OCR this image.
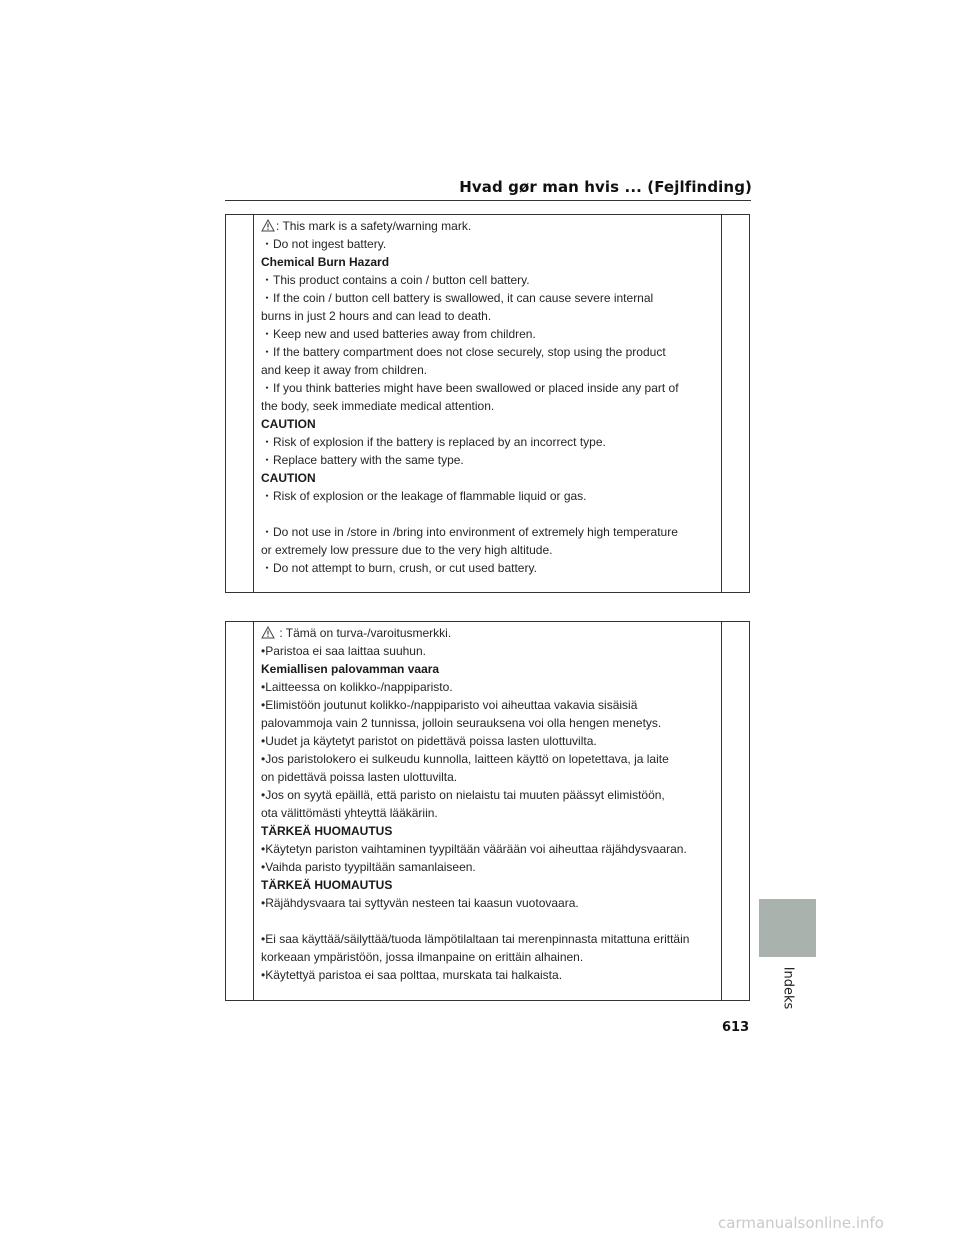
Hvad gør man hvis ... (Fejlfinding)
: This mark is a safety/warning mark.
・Do not ingest battery.
Chemical Burn Hazard
・This product contains a coin / button cell battery.
・If the coin / button cell battery is swallowed, it can cause severe internal
burns in just 2 hours and can lead to death.
・Keep new and used batteries away from children.
・If the battery compartment does not close securely, stop using the product
and keep it away from children.
・If you think batteries might have been swallowed or placed inside any part of
the body, seek immediate medical attention.
CAUTION
・Risk of explosion if the battery is replaced by an incorrect type.
・Replace battery with the same type.
CAUTION
・Risk of explosion or the leakage of flammable liquid or gas.
・Do not use in /store in /bring into environment of extremely high temperature
or extremely low pressure due to the very high altitude.
・Do not attempt to burn, crush, or cut used battery.
: Tämä on turva-/varoitusmerkki.
•Paristoa ei saa laittaa suuhun.
Kemiallisen palovamman vaara
•Laitteessa on kolikko-/nappiparisto.
•Elimistöön joutunut kolikko-/nappiparisto voi aiheuttaa vakavia sisäisiä
palovammoja vain 2 tunnissa, jolloin seurauksena voi olla hengen menetys.
•Uudet ja käytetyt paristot on pidettävä poissa lasten ulottuvilta.
•Jos paristolokero ei sulkeudu kunnolla, laitteen käyttö on lopetettava, ja laite
on pidettävä poissa lasten ulottuvilta.
•Jos on syytä epäillä, että paristo on nielaistu tai muuten päässyt elimistöön,
ota välittömästi yhteyttä lääkäriin.
TÄRKEÄ HUOMAUTUS
•Käytetyn pariston vaihtaminen tyypiltään väärään voi aiheuttaa räjähdysvaaran.
•Vaihda paristo tyypiltään samanlaiseen.
TÄRKEÄ HUOMAUTUS
•Räjähdysvaara tai syttyvän nesteen tai kaasun vuotovaara.
•Ei saa käyttää/säilyttää/tuoda lämpötilaltaan tai merenpinnasta mitattuna erittäin
korkeaan ympäristöön, jossa ilmanpaine on erittäin alhainen.
•Käytettyä paristoa ei saa polttaa, murskata tai halkaista.	Indeks
613
carmanualsonline.info
